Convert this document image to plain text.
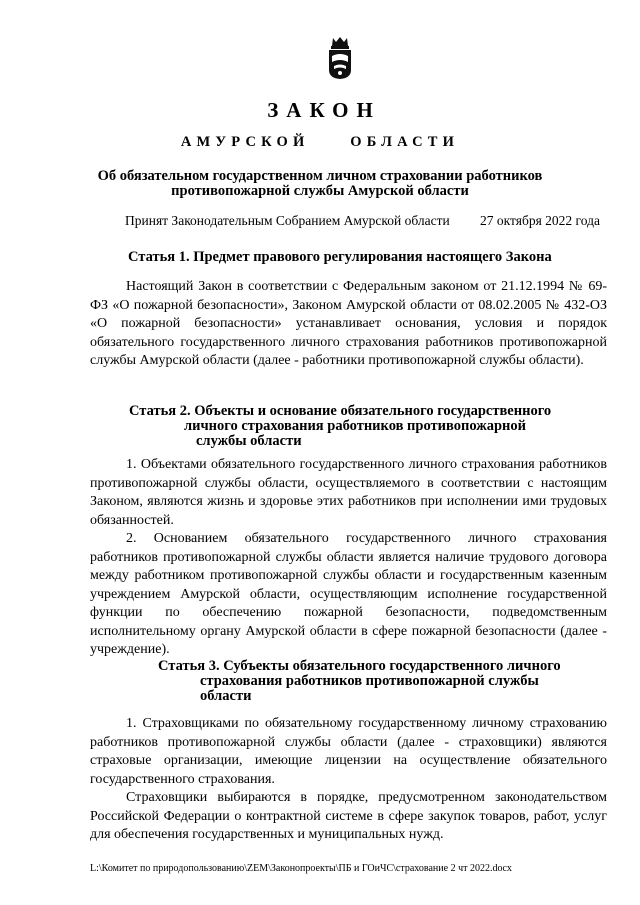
ЗАКОН
АМУРСКОЙ ОБЛАСТИ
Об обязательном государственном личном страховании работников
противопожарной службы Амурской области
Принят Законодательным Собранием Амурской области 27 октября 2022 года
Статья 1. Предмет правового регулирования настоящего Закона

Настоящий Закон в соответствии с Федеральным законом от 21.12.1994 № 69-ФЗ «О пожарной безопасности», Законом Амурской области от 08.02.2005 № 432-ОЗ «О пожарной безопасности» устанавливает основания, условия и порядок обязательного государственного личного страхования работников противопожарной службы Амурской области (далее - работники противопожарной службы области).

Статья 2. Объекты и основание обязательного государственного
личного страхования работников противопожарной
службы области

1. Объектами обязательного государственного личного страхования работников противопожарной службы области, осуществляемого в соответствии с настоящим Законом, являются жизнь и здоровье этих работников при исполнении ими трудовых обязанностей.

2. Основанием обязательного государственного личного страхования работников противопожарной службы области является наличие трудового договора между работником противопожарной службы области и государственным казенным учреждением Амурской области, осуществляющим исполнение государственной функции по обеспечению пожарной безопасности, подведомственным исполнительному органу Амурской области в сфере пожарной безопасности (далее - учреждение).

Статья 3. Субъекты обязательного государственного личного
страхования работников противопожарной службы
области

1. Страховщиками по обязательному государственному личному страхованию работников противопожарной службы области (далее - страховщики) являются страховые организации, имеющие лицензии на осуществление обязательного государственного страхования.

Страховщики выбираются в порядке, предусмотренном законодательством Российской Федерации о контрактной системе в сфере закупок товаров, работ, услуг для обеспечения государственных и муниципальных нужд.

L:\Комитет по природопользованию\ZEM\Законопроекты\ПБ и ГОиЧС\страхование 2 чт 2022.docx
